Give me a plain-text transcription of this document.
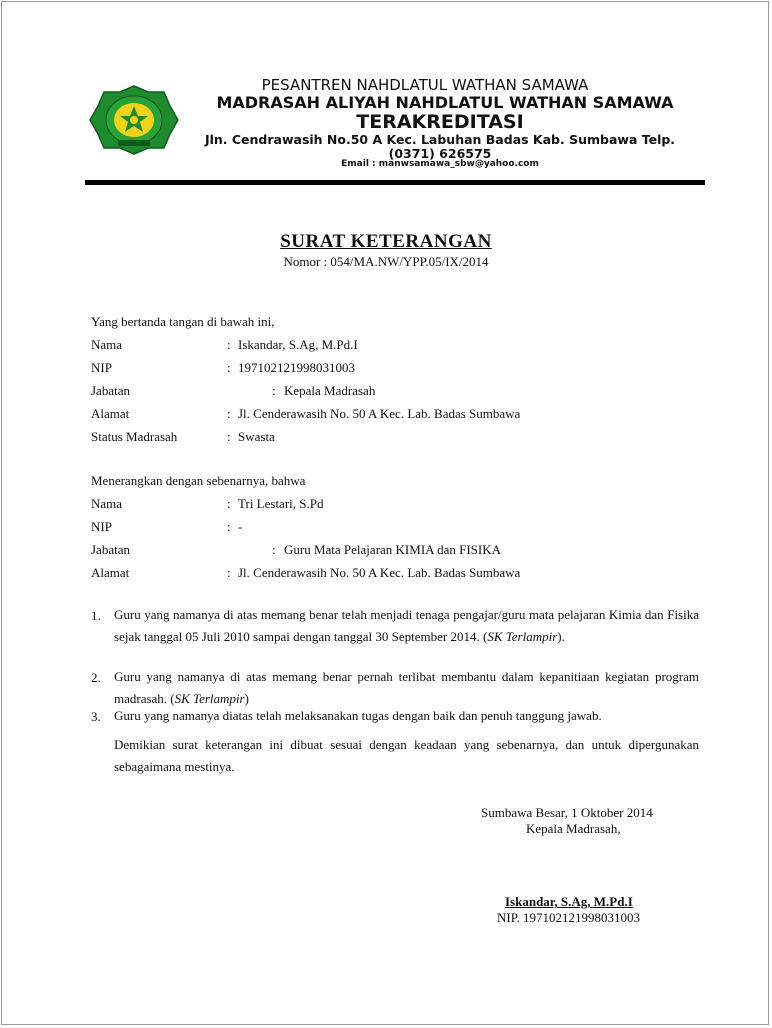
PESANTREN NAHDLATUL WATHAN SAMAWA
MADRASAH ALIYAH NAHDLATUL WATHAN SAMAWA
TERAKREDITASI
Jln. Cendrawasih No.50 A Kec. Labuhan Badas Kab. Sumbawa Telp.
(0371) 626575
Email : manwsamawa_sbw@yahoo.com
SURAT KETERANGAN
Nomor : 054/MA.NW/YPP.05/IX/2014
Yang bertanda tangan di bawah ini,
Nama	: Iskandar, S.Ag, M.Pd.I
NIP	: 197102121998031003
Jabatan	: Kepala Madrasah
Alamat	: Jl. Cenderawasih No. 50 A Kec. Lab. Badas Sumbawa
Status Madrasah	: Swasta
Menerangkan dengan sebenarnya, bahwa
Nama	: Tri Lestari, S.Pd
NIP	: -
Jabatan	: Guru Mata Pelajaran KIMIA dan FISIKA
Alamat	: Jl. Cenderawasih No. 50 A Kec. Lab. Badas Sumbawa
1. Guru yang namanya di atas memang benar telah menjadi tenaga pengajar/guru mata pelajaran Kimia dan Fisika sejak tanggal 05 Juli 2010 sampai dengan tanggal 30 September 2014. (SK Terlampir).
2. Guru yang namanya di atas memang benar pernah terlibat membantu dalam kepanitiaan kegiatan program madrasah. (SK Terlampir)
3. Guru yang namanya diatas telah melaksanakan tugas dengan baik dan penuh tanggung jawab.
Demikian surat keterangan ini dibuat sesuai dengan keadaan yang sebenarnya, dan untuk dipergunakan sebagaimana mestinya.
Sumbawa Besar, 1 Oktober 2014
Kepala Madrasah,
Iskandar, S.Ag, M.Pd.I
NIP. 197102121998031003
